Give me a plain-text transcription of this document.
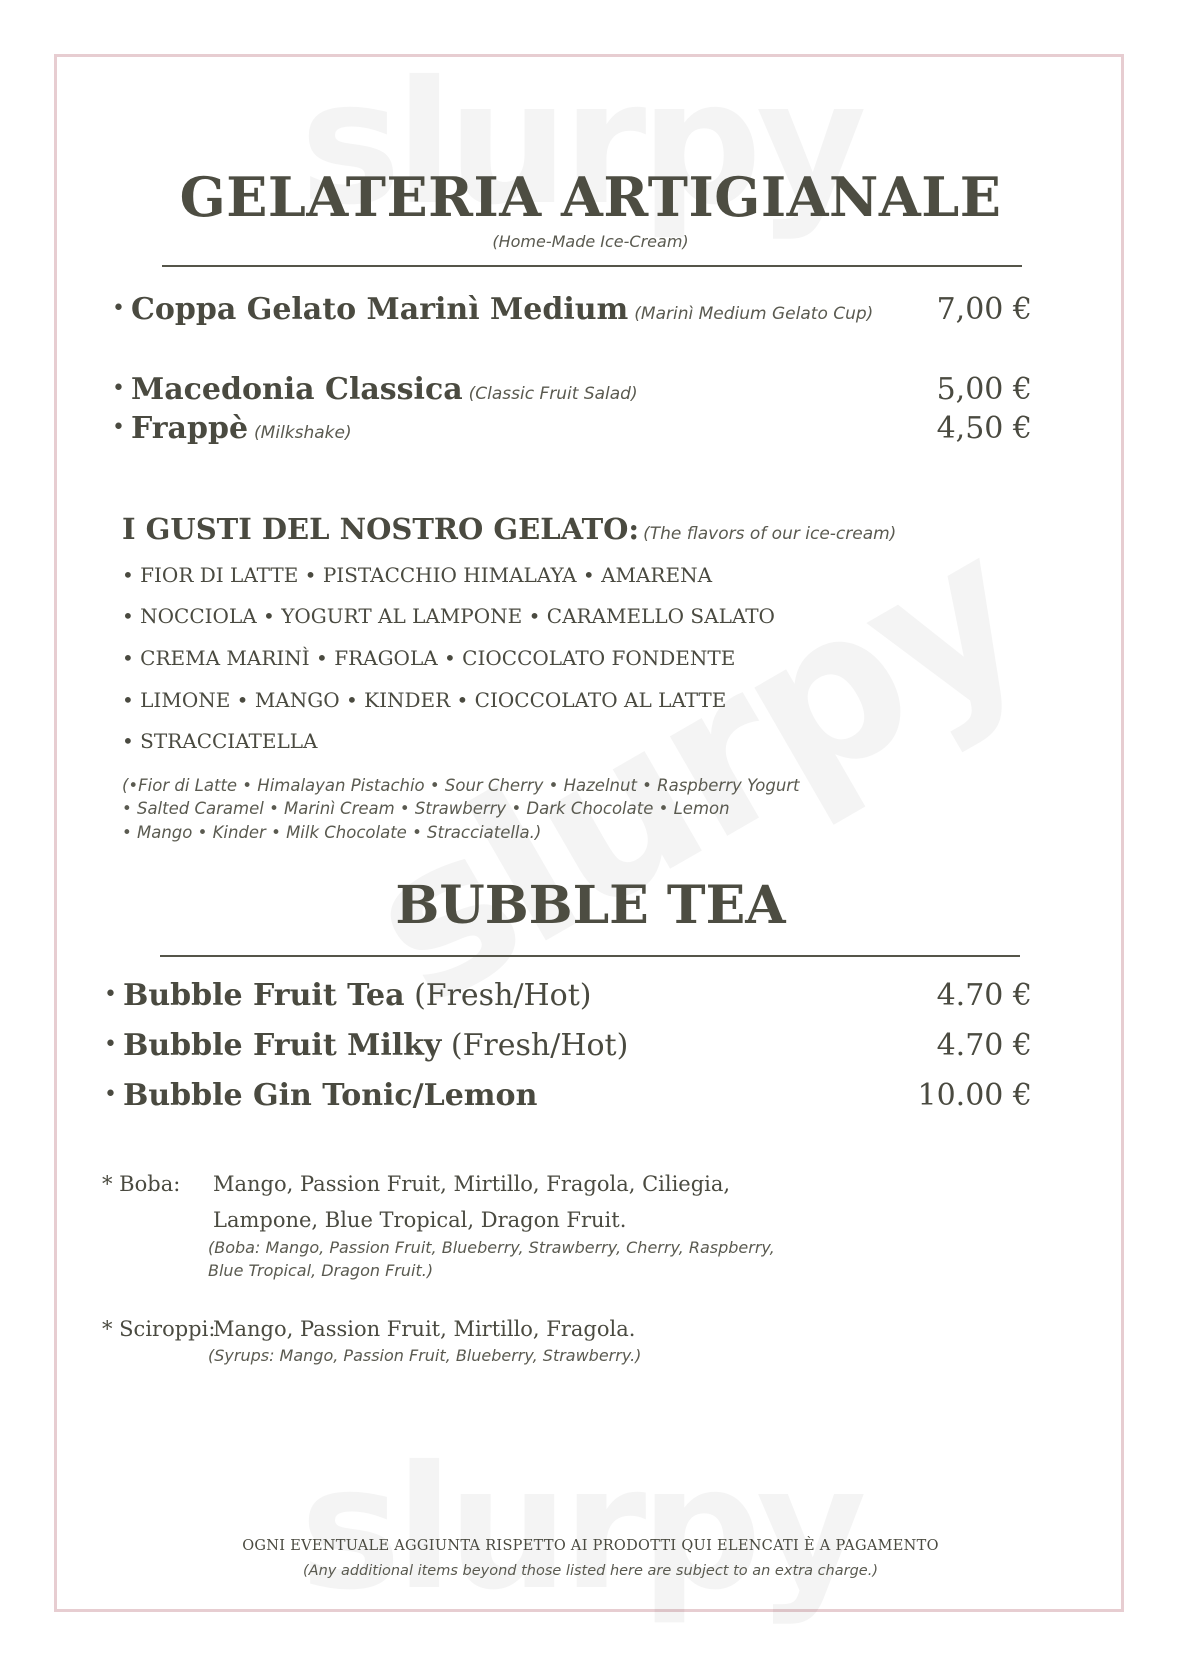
GELATERIA ARTIGIANALE
(Home-Made Ice-Cream)
• Coppa Gelato Marinì Medium (Marinì Medium Gelato Cup) 7,00 €
• Macedonia Classica (Classic Fruit Salad)	5,00 €
• Frappè (Milkshake)	4,50 €
I GUSTI DEL NOSTRO GELATO: (The flavors of our ice-cream)
• FIOR DI LATTE • PISTACCHIO HIMALAYA • AMARENA
• NOCCIOLA • YOGURT AL LAMPONE • CARAMELLO SALATO
• CREMA MARINÌ • FRAGOLA • CIOCCOLATO FONDENTE
• LIMONE • MANGO • KINDER • CIOCCOLATO AL LATTE
• STRACCIATELLA
(•Fior di Latte • Himalayan Pistachio • Sour Cherry • Hazelnut • Raspberry Yogurt
• Salted Caramel • Marinì Cream • Strawberry • Dark Chocolate • Lemon
• Mango • Kinder • Milk Chocolate • Stracciatella.)
BUBBLE TEA
• Bubble Fruit Tea (Fresh/Hot)	4.70 €
• Bubble Fruit Milky (Fresh/Hot)	4.70 €
• Bubble Gin Tonic/Lemon	10.00 €
* Boba: Mango, Passion Fruit, Mirtillo, Fragola, Ciliegia,
Lampone, Blue Tropical, Dragon Fruit.
(Boba: Mango, Passion Fruit, Blueberry, Strawberry, Cherry, Raspberry,
Blue Tropical, Dragon Fruit.)
* Sciroppi:
Mango, Passion Fruit, Mirtillo, Fragola.
(Syrups: Mango, Passion Fruit, Blueberry, Strawberry.)
OGNI EVENTUALE AGGIUNTA RISPETTO AI PRODOTTI QUI ELENCATI È A PAGAMENTO
(Any additional items beyond those listed here are subject to an extra charge.)
